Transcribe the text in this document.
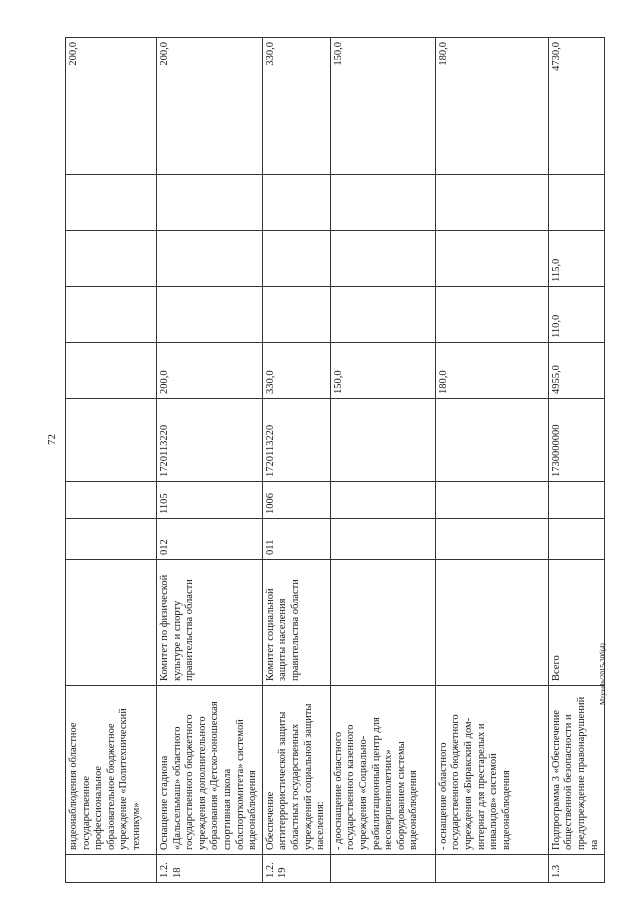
72
Mzyxeln/2015-30б(4)
	видеонаблюдения областное государственное профессиональное образовательное бюджетное учреждение «Политехнический техникум»									200,0
1.2.18	Оснащение стадиона «Дальсельмаш» областного государственного бюджетного учреждения дополнительного образования «Детско-юношеская спортивная школа облспорткомитета» системой видеонаблюдения	Комитет по физической культуре и спорту правительства области	012	1105	1720113220	200,0				200,0
1.2.19	Обеспечение антитеррористической защиты областных государственных учреждений социальной защиты населения:	Комитет социальной защиты населения правительства области	011	1006	1720113220	330,0				330,0
	- дооснащение областного государственного казенного учреждения «Социально-реабилитационный центр для несовершеннолетних» оборудованием системы видеонаблюдения					150,0				150,0
	- оснащение областного государственного бюджетного учреждения «Биракский дом-интернат для престарелых и инвалидов» системой видеонаблюдения					180,0				180,0
1.3	Подпрограмма 3 «Обеспечение общественной безопасности и предупреждение правонарушений на	Всего			1730000000	4955,0	110,0	115,0		4730,0
